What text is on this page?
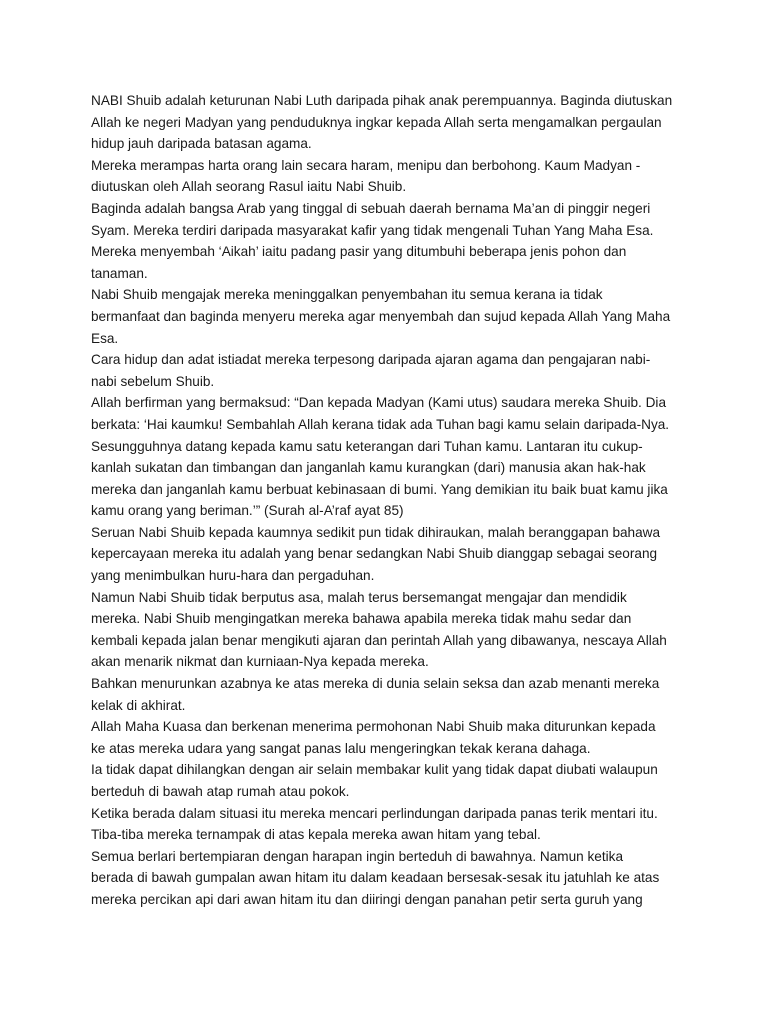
NABI Shuib adalah keturunan Nabi Luth daripada pihak anak perempuannya. Baginda diutuskan
Allah ke negeri Madyan yang penduduknya ingkar kepada Allah serta mengamalkan pergaulan
hidup jauh daripada batasan agama.

Mereka merampas harta orang lain secara haram, menipu dan berbohong. Kaum Madyan -
diutuskan oleh Allah seorang Rasul iaitu Nabi Shuib.

Baginda adalah bangsa Arab yang tinggal di sebuah daerah bernama Ma’an di pinggir negeri
Syam. Mereka terdiri daripada masyarakat kafir yang tidak mengenali Tuhan Yang Maha Esa.

Mereka menyembah ‘Aikah’ iaitu padang pasir yang ditumbuhi beberapa jenis pohon dan
tanaman.

Nabi Shuib mengajak mereka meninggalkan penyembahan itu semua kerana ia tidak
bermanfaat dan baginda menyeru mereka agar menyembah dan sujud kepada Allah Yang Maha
Esa.

Cara hidup dan adat istiadat mereka terpesong daripada ajaran agama dan pengajaran nabi-
nabi sebelum Shuib.

Allah berfirman yang bermaksud: “Dan kepada Madyan (Kami utus) saudara mereka Shuib. Dia
berkata: ‘Hai kaumku! Sembahlah Allah kerana tidak ada Tuhan bagi kamu selain daripada-Nya.
Sesungguhnya datang kepada kamu satu keterangan dari Tuhan kamu. Lantaran itu cukup-
kanlah sukatan dan timbangan dan janganlah kamu kurangkan (dari) manusia akan hak-hak
mereka dan janganlah kamu berbuat kebinasaan di bumi. Yang demikian itu baik buat kamu jika
kamu orang yang beriman.’” (Surah al-A’raf ayat 85)

Seruan Nabi Shuib kepada kaumnya sedikit pun tidak dihiraukan, malah beranggapan bahawa
kepercayaan mereka itu adalah yang benar sedangkan Nabi Shuib dianggap sebagai seorang
yang menimbulkan huru-hara dan pergaduhan.

Namun Nabi Shuib tidak berputus asa, malah terus bersemangat mengajar dan mendidik
mereka. Nabi Shuib mengingatkan mereka bahawa apabila mereka tidak mahu sedar dan
kembali kepada jalan benar mengikuti ajaran dan perintah Allah yang dibawanya, nescaya Allah
akan menarik nikmat dan kurniaan-Nya kepada mereka.

Bahkan menurunkan azabnya ke atas mereka di dunia selain seksa dan azab menanti mereka
kelak di akhirat.

Allah Maha Kuasa dan berkenan menerima permohonan Nabi Shuib maka diturunkan kepada
ke atas mereka udara yang sangat panas lalu mengeringkan tekak kerana dahaga.

Ia tidak dapat dihilangkan dengan air selain membakar kulit yang tidak dapat diubati walaupun
berteduh di bawah atap rumah atau pokok.

Ketika berada dalam situasi itu mereka mencari perlindungan daripada panas terik mentari itu.

Tiba-tiba mereka ternampak di atas kepala mereka awan hitam yang tebal.

Semua berlari bertempiaran dengan harapan ingin berteduh di bawahnya. Namun ketika
berada di bawah gumpalan awan hitam itu dalam keadaan bersesak-sesak itu jatuhlah ke atas
mereka percikan api dari awan hitam itu dan diiringi dengan panahan petir serta guruh yang
